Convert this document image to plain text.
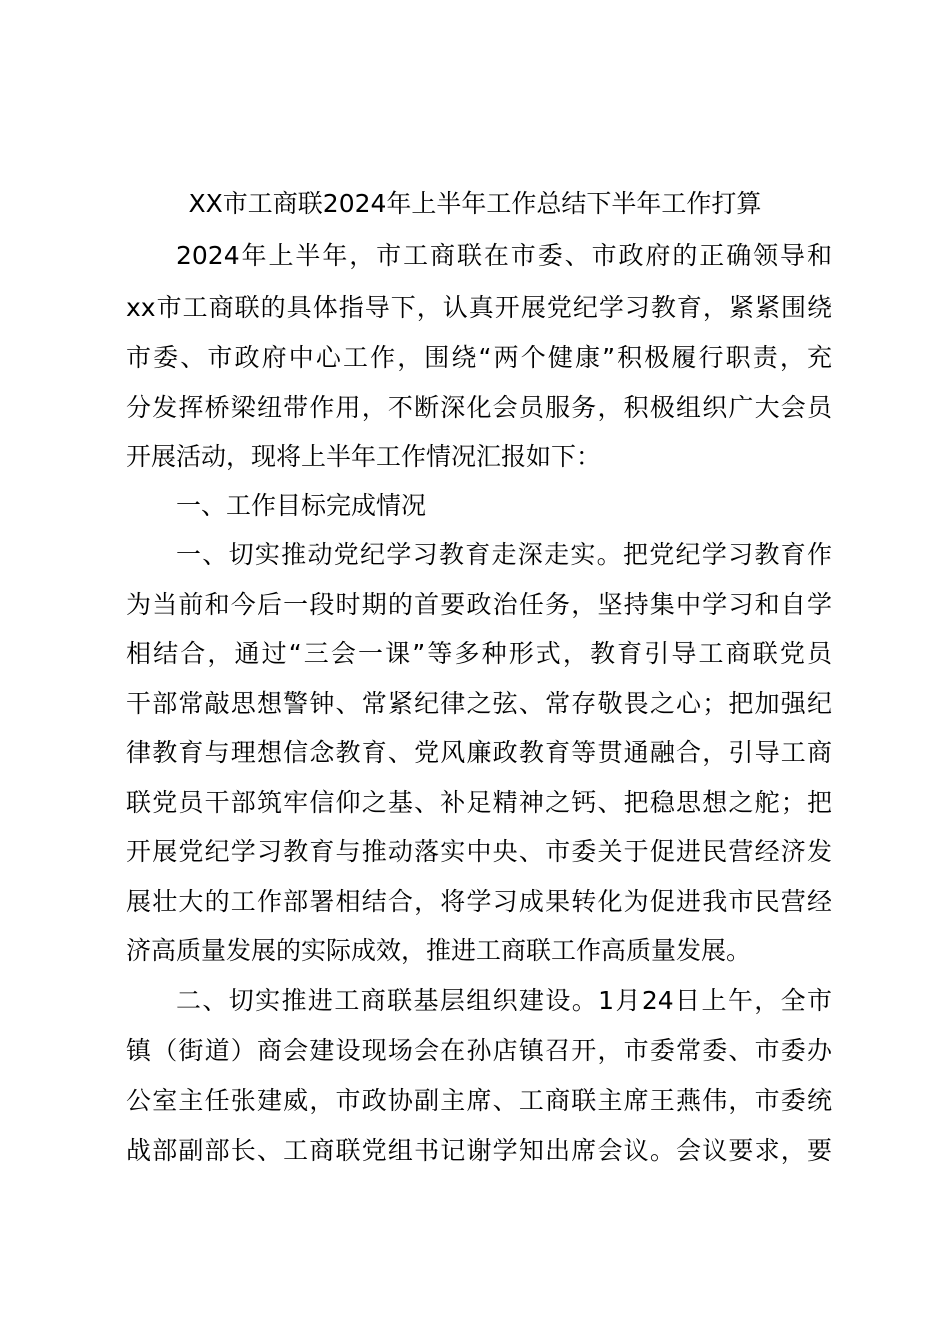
XX市工商联2024年上半年工作总结下半年工作打算
2024年上半年，市工商联在市委、市政府的正确领导和
xx市工商联的具体指导下，认真开展党纪学习教育，紧紧围绕
市委、市政府中心工作，围绕“两个健康”积极履行职责，充
分发挥桥梁纽带作用，不断深化会员服务，积极组织广大会员
开展活动，现将上半年工作情况汇报如下：
一、工作目标完成情况
一、切实推动党纪学习教育走深走实。把党纪学习教育作
为当前和今后一段时期的首要政治任务，坚持集中学习和自学
相结合，通过“三会一课”等多种形式，教育引导工商联党员
干部常敲思想警钟、常紧纪律之弦、常存敬畏之心；把加强纪
律教育与理想信念教育、党风廉政教育等贯通融合，引导工商
联党员干部筑牢信仰之基、补足精神之钙、把稳思想之舵；把
开展党纪学习教育与推动落实中央、市委关于促进民营经济发
展壮大的工作部署相结合，将学习成果转化为促进我市民营经
济高质量发展的实际成效，推进工商联工作高质量发展。
二、切实推进工商联基层组织建设。1月24日上午，全市
镇（街道）商会建设现场会在孙店镇召开，市委常委、市委办
公室主任张建威，市政协副主席、工商联主席王燕伟，市委统
战部副部长、工商联党组书记谢学知出席会议。会议要求，要
